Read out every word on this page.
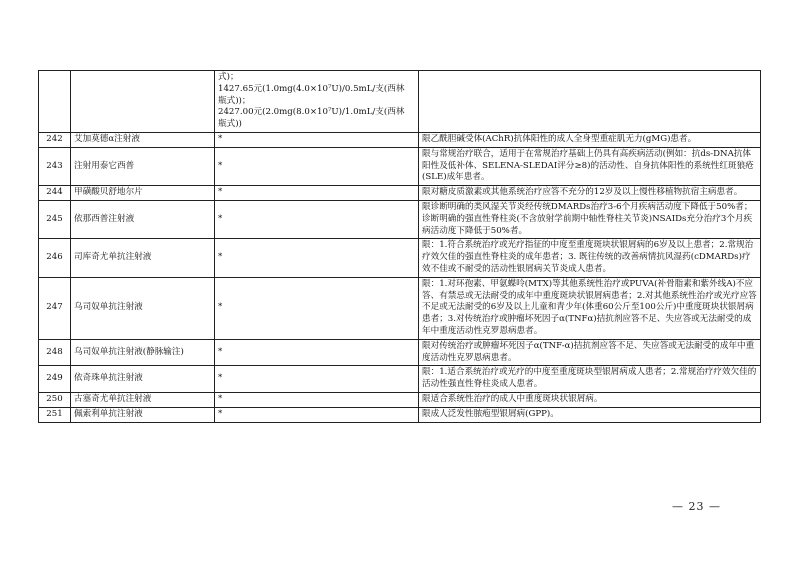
		式)；
1427.65元(1.0mg(4.0×10⁷U)/0.5mL/支(西林
瓶式))；
2427.00元(2.0mg(8.0×10⁷U)/1.0mL/支(西林
瓶式))	

242	艾加莫德α注射液	*	限乙酰胆碱受体(AChR)抗体阳性的成人全身型重症肌无力(gMG)患者。
243	注射用泰它西普	*	限与常规治疗联合，适用于在常规治疗基础上仍具有高疾病活动(例如：抗ds-DNA抗体阳性及低补体、SELENA-SLEDAI评分≥8)的活动性、自身抗体阳性的系统性红斑狼疮(SLE)成年患者。
244	甲磺酸贝舒地尔片	*	限对糖皮质激素或其他系统治疗应答不充分的12岁及以上慢性移植物抗宿主病患者。
245	依那西普注射液	*	限诊断明确的类风湿关节炎经传统DMARDs治疗3-6个月疾病活动度下降低于50%者；诊断明确的强直性脊柱炎(不含放射学前期中轴性脊柱关节炎)NSAIDs充分治疗3个月疾病活动度下降低于50%者。
246	司库奇尤单抗注射液	*	限：1.符合系统治疗或光疗指征的中度至重度斑块状银屑病的6岁及以上患者；2.常规治疗效欠佳的强直性脊柱炎的成年患者；3. 既往传统的改善病情抗风湿药(cDMARDs)疗效不佳或不耐受的活动性银屑病关节炎成人患者。
247	乌司奴单抗注射液	*	限：1.对环孢素、甲氨蝶呤(MTX)等其他系统性治疗或PUVA(补骨脂素和紫外线A)不应答、有禁忌或无法耐受的成年中重度斑块状银屑病患者；2.对其他系统性治疗或光疗应答不足或无法耐受的6岁及以上儿童和青少年(体重60公斤至100公斤)中重度斑块状银屑病患者；3.对传统治疗或肿瘤坏死因子α(TNFα)拮抗剂应答不足、失应答或无法耐受的成年中重度活动性克罗恩病患者。
248	乌司奴单抗注射液(静脉输注)	*	限对传统治疗或肿瘤坏死因子α(TNF-α)拮抗剂应答不足、失应答或无法耐受的成年中重度活动性克罗恩病患者。
249	依奇珠单抗注射液	*	限：1.适合系统治疗或光疗的中度至重度斑块型银屑病成人患者；2.常规治疗疗效欠佳的活动性强直性脊柱炎成人患者。
250	古塞奇尤单抗注射液	*	限适合系统性治疗的成人中重度斑块状银屑病。
251	佩索利单抗注射液	*	限成人泛发性脓疱型银屑病(GPP)。
— 23 —
